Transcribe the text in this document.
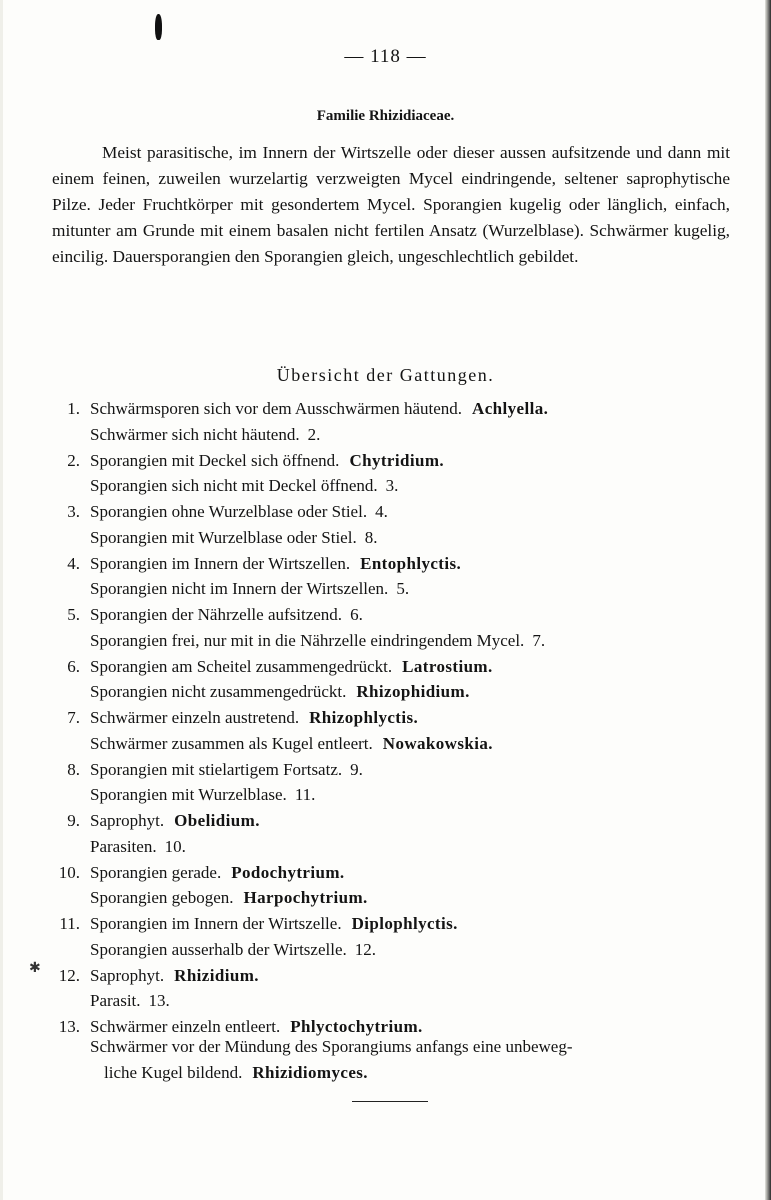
✱
— 118 —
Familie Rhizidiaceae.

Meist parasitische, im Innern der Wirtszelle oder dieser aussen aufsitzende und dann mit einem feinen, zuweilen wurzelartig verzweigten Mycel eindringende, seltener saprophytische Pilze. Jeder Fruchtkörper mit gesondertem Mycel. Sporangien kugelig oder länglich, einfach, mitunter am Grunde mit einem basalen nicht fertilen Ansatz (Wurzelblase). Schwärmer kugelig, eincilig. Dauersporangien den Sporangien gleich, ungeschlechtlich gebildet.

Übersicht der Gattungen.
1. Schwärmsporen sich vor dem Ausschwärmen häutend. Achlyella.
Schwärmer sich nicht häutend. 2.
2. Sporangien mit Deckel sich öffnend. Chytridium.
Sporangien sich nicht mit Deckel öffnend. 3.
3. Sporangien ohne Wurzelblase oder Stiel. 4.
Sporangien mit Wurzelblase oder Stiel. 8.
4. Sporangien im Innern der Wirtszellen. Entophlyctis.
Sporangien nicht im Innern der Wirtszellen. 5.
5. Sporangien der Nährzelle aufsitzend. 6.
Sporangien frei, nur mit in die Nährzelle eindringendem Mycel. 7.
6. Sporangien am Scheitel zusammengedrückt. Latrostium.
Sporangien nicht zusammengedrückt. Rhizophidium.
7. Schwärmer einzeln austretend. Rhizophlyctis.
Schwärmer zusammen als Kugel entleert. Nowakowskia.
8. Sporangien mit stielartigem Fortsatz. 9.
Sporangien mit Wurzelblase. 11.
9. Saprophyt. Obelidium.
Parasiten. 10.
10. Sporangien gerade. Podochytrium.
Sporangien gebogen. Harpochytrium.
11. Sporangien im Innern der Wirtszelle. Diplophlyctis.
Sporangien ausserhalb der Wirtszelle. 12.
12. Saprophyt. Rhizidium.
Parasit. 13.
13. Schwärmer einzeln entleert. Phlyctochytrium.
Schwärmer vor der Mündung des Sporangiums anfangs eine unbeweg-
liche Kugel bildend. Rhizidiomyces.
